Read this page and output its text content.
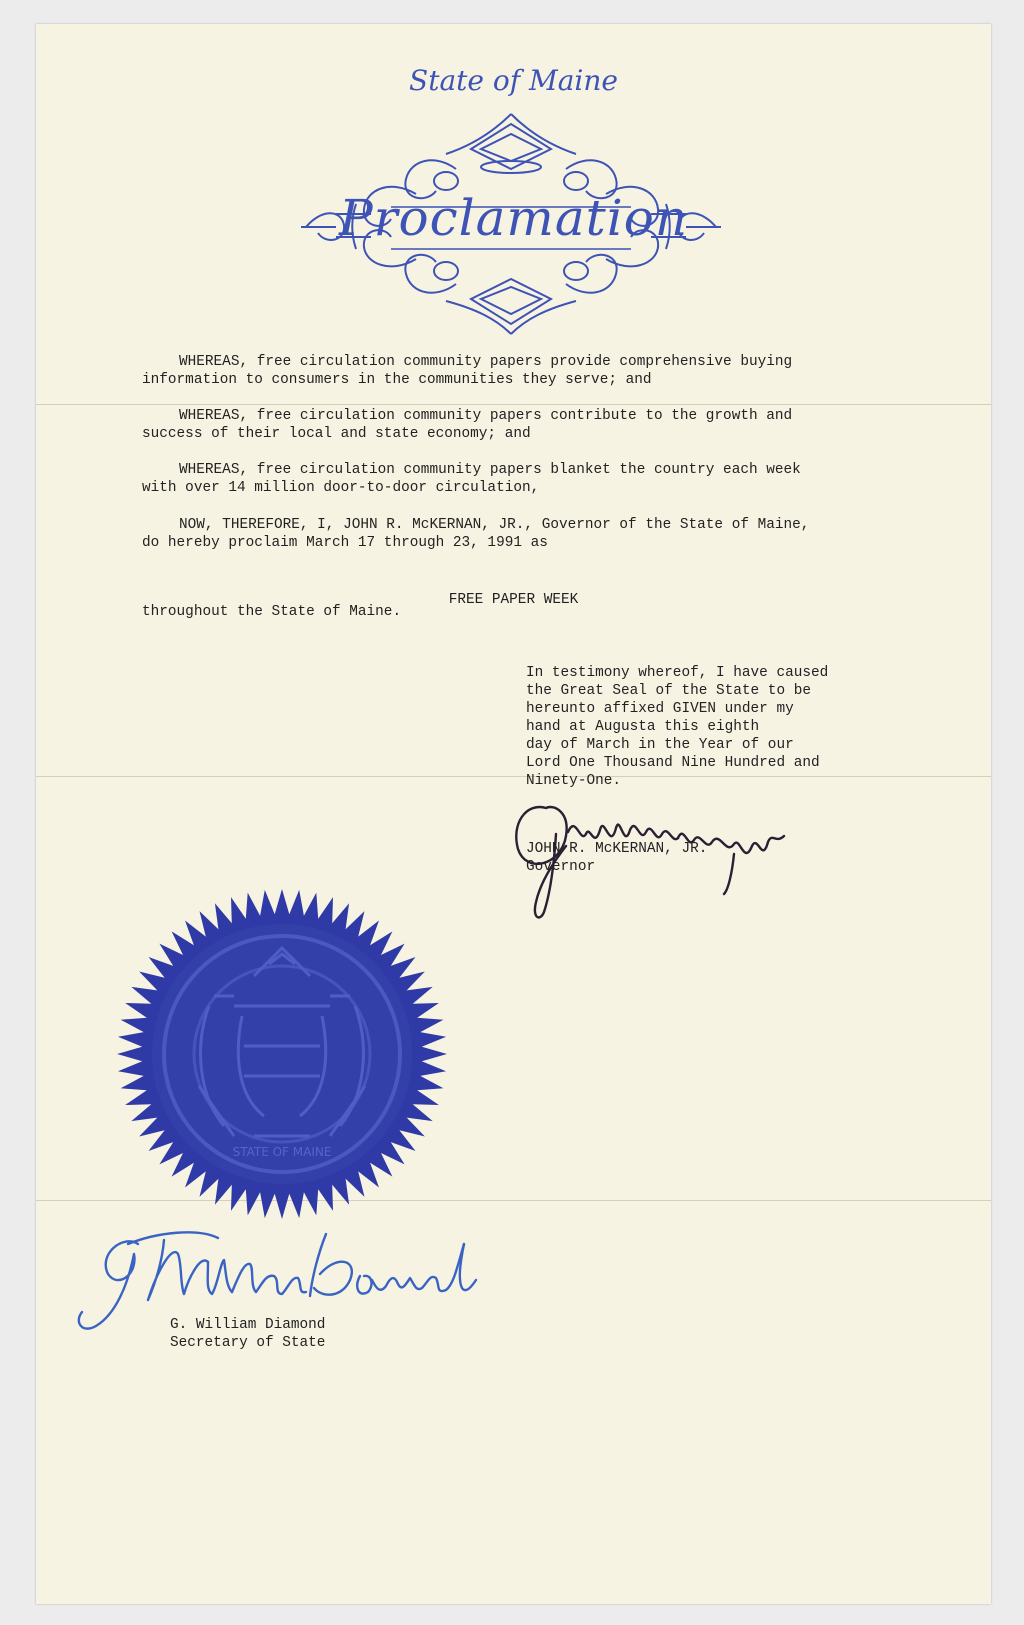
State of Maine
Proclamation
WHEREAS, free circulation community papers provide comprehensive buying
information to consumers in the communities they serve; and
WHEREAS, free circulation community papers contribute to the growth and
success of their local and state economy; and
WHEREAS, free circulation community papers blanket the country each week
with over 14 million door-to-door circulation,
NOW, THEREFORE, I, JOHN R. McKERNAN, JR., Governor of the State of Maine,
do hereby proclaim March 17 through 23, 1991 as
FREE PAPER WEEK
throughout the State of Maine.
In testimony whereof, I have caused
the Great Seal of the State to be
hereunto affixed GIVEN under my
hand at Augusta this eighth
day of March in the Year of our
Lord One Thousand Nine Hundred and
Ninety-One.
JOHN R. McKERNAN, JR.
Governor
STATE OF MAINE
G. William Diamond
Secretary of State
